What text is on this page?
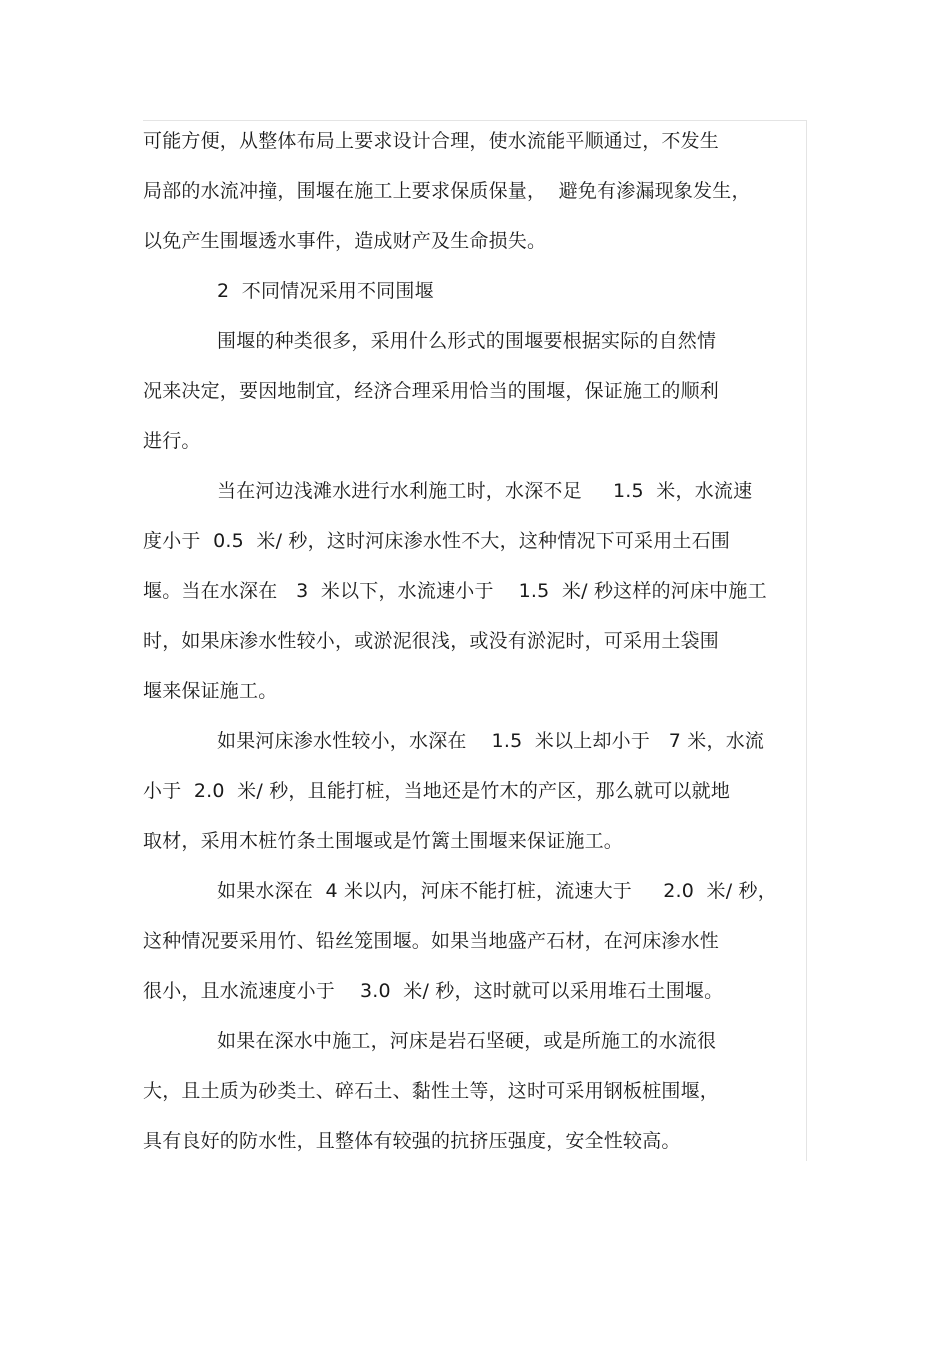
可能方便，从整体布局上要求设计合理，使水流能平顺通过，不发生
局部的水流冲撞，围堰在施工上要求保质保量，  避免有渗漏现象发生，
以免产生围堰透水事件，造成财产及生命损失。
2  不同情况采用不同围堰
围堰的种类很多，采用什么形式的围堰要根据实际的自然情
况来决定，要因地制宜，经济合理采用恰当的围堰，保证施工的顺利
进行。
当在河边浅滩水进行水利施工时，水深不足     1.5  米，水流速
度小于  0.5  米/ 秒，这时河床渗水性不大，这种情况下可采用土石围
堰。当在水深在   3  米以下，水流速小于    1.5  米/ 秒这样的河床中施工
时，如果床渗水性较小，或淤泥很浅，或没有淤泥时，可采用土袋围
堰来保证施工。
如果河床渗水性较小，水深在    1.5  米以上却小于   7 米，水流
小于  2.0  米/ 秒，且能打桩，当地还是竹木的产区，那么就可以就地
取材，采用木桩竹条土围堰或是竹篱土围堰来保证施工。
如果水深在  4 米以内，河床不能打桩，流速大于     2.0  米/ 秒，
这种情况要采用竹、铅丝笼围堰。如果当地盛产石材，在河床渗水性
很小，且水流速度小于    3.0  米/ 秒，这时就可以采用堆石土围堰。
如果在深水中施工，河床是岩石坚硬，或是所施工的水流很
大，且土质为砂类土、碎石土、黏性土等，这时可采用钢板桩围堰，
具有良好的防水性，且整体有较强的抗挤压强度，安全性较高。
